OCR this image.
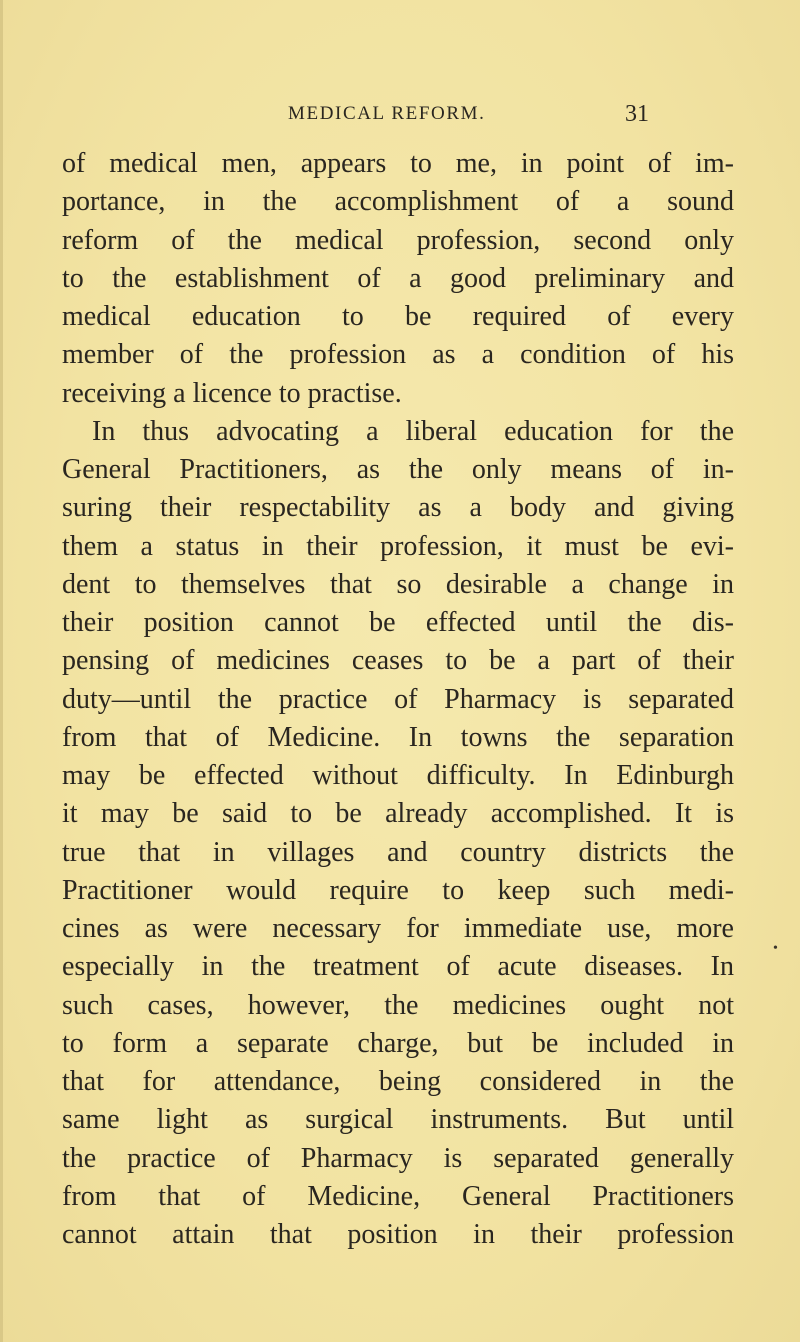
MEDICAL REFORM.	31
of medical men, appears to me, in point of im-
portance, in the accomplishment of a sound
reform of the medical profession, second only
to the establishment of a good preliminary and
medical education to be required of every
member of the profession as a condition of his
receiving a licence to practise.
In thus advocating a liberal education for the
General Practitioners, as the only means of in-
suring their respectability as a body and giving
them a status in their profession, it must be evi-
dent to themselves that so desirable a change in
their position cannot be effected until the dis-
pensing of medicines ceases to be a part of their
duty—until the practice of Pharmacy is separated
from that of Medicine. In towns the separation
may be effected without difficulty. In Edinburgh
it may be said to be already accomplished. It is
true that in villages and country districts the
Practitioner would require to keep such medi-
cines as were necessary for immediate use, more
especially in the treatment of acute diseases. In
such cases, however, the medicines ought not
to form a separate charge, but be included in
that for attendance, being considered in the
same light as surgical instruments. But until
the practice of Pharmacy is separated generally
from that of Medicine, General Practitioners
cannot attain that position in their profession
•
